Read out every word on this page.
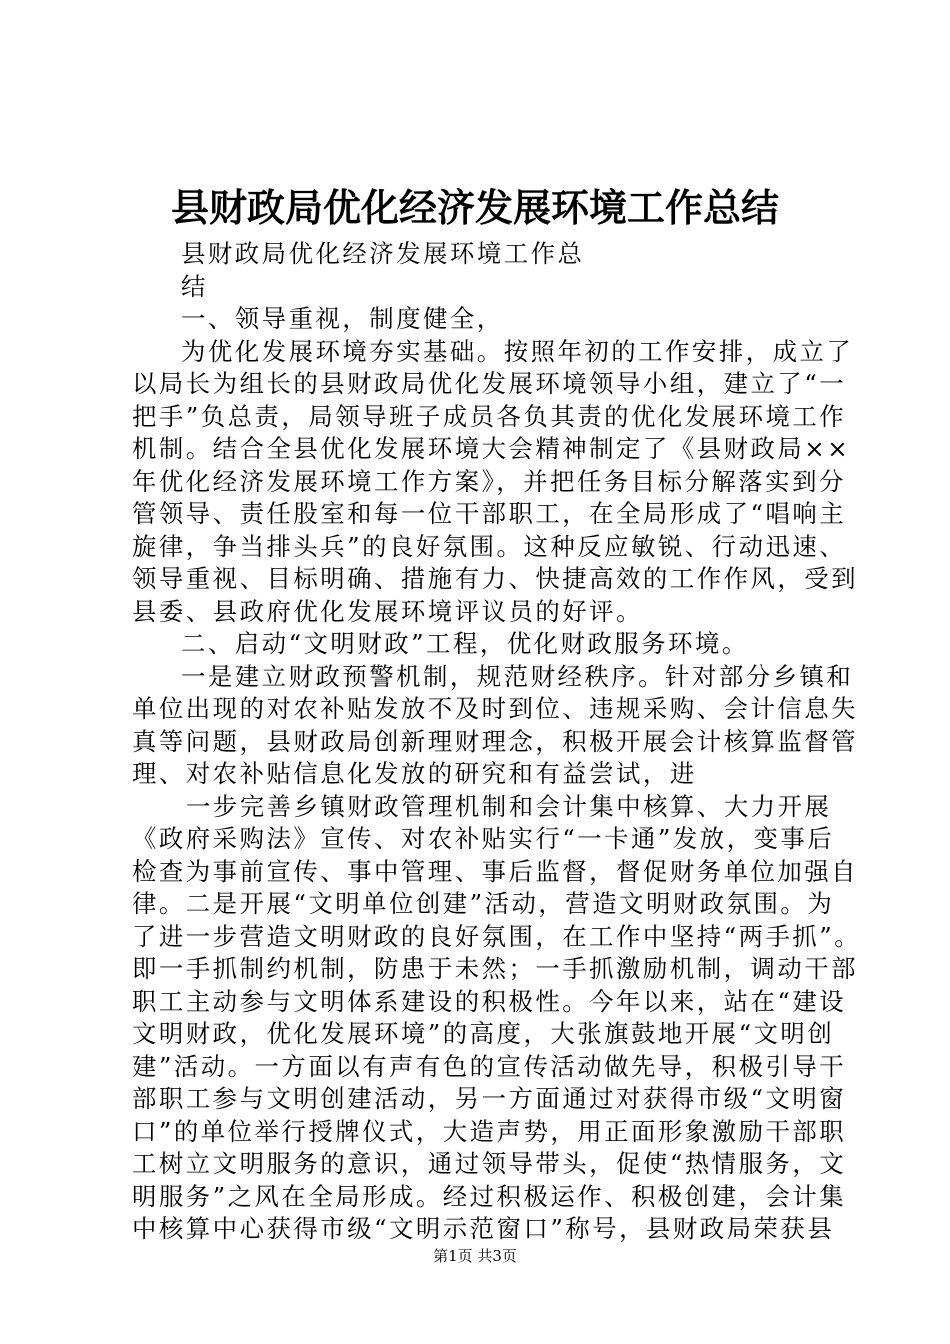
县财政局优化经济发展环境工作总结
县财政局优化经济发展环境工作总
结
一、领导重视，制度健全，
为优化发展环境夯实基础。按照年初的工作安排，成立了
以局长为组长的县财政局优化发展环境领导小组，建立了“一
把手”负总责，局领导班子成员各负其责的优化发展环境工作
机制。结合全县优化发展环境大会精神制定了《县财政局××
年优化经济发展环境工作方案》，并把任务目标分解落实到分
管领导、责任股室和每一位干部职工，在全局形成了“唱响主
旋律，争当排头兵”的良好氛围。这种反应敏锐、行动迅速、
领导重视、目标明确、措施有力、快捷高效的工作作风，受到
县委、县政府优化发展环境评议员的好评。
二、启动“文明财政”工程，优化财政服务环境。
一是建立财政预警机制，规范财经秩序。针对部分乡镇和
单位出现的对农补贴发放不及时到位、违规采购、会计信息失
真等问题，县财政局创新理财理念，积极开展会计核算监督管
理、对农补贴信息化发放的研究和有益尝试，进
一步完善乡镇财政管理机制和会计集中核算、大力开展
《政府采购法》宣传、对农补贴实行“一卡通”发放，变事后
检查为事前宣传、事中管理、事后监督，督促财务单位加强自
律。二是开展“文明单位创建”活动，营造文明财政氛围。为
了进一步营造文明财政的良好氛围，在工作中坚持“两手抓”。
即一手抓制约机制，防患于未然；一手抓激励机制，调动干部
职工主动参与文明体系建设的积极性。今年以来，站在“建设
文明财政，优化发展环境”的高度，大张旗鼓地开展“文明创
建”活动。一方面以有声有色的宣传活动做先导，积极引导干
部职工参与文明创建活动，另一方面通过对获得市级“文明窗
口”的单位举行授牌仪式，大造声势，用正面形象激励干部职
工树立文明服务的意识，通过领导带头，促使“热情服务，文
明服务”之风在全局形成。经过积极运作、积极创建，会计集
中核算中心获得市级“文明示范窗口”称号，县财政局荣获县
第1页 共3页
